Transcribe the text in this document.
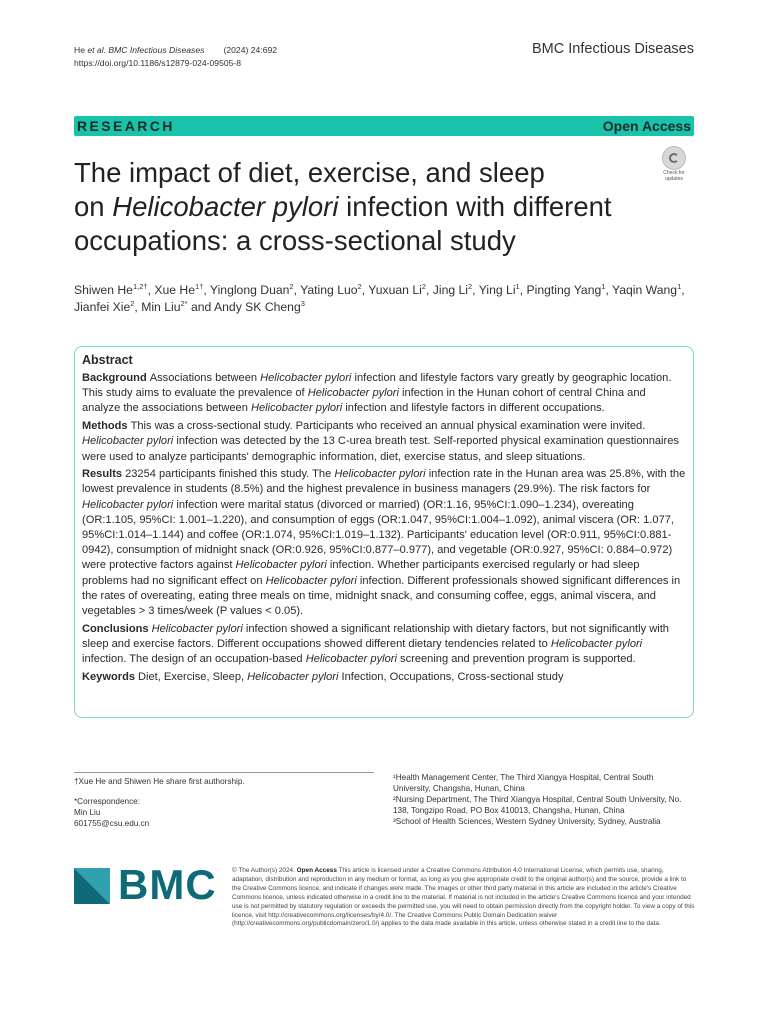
He et al. BMC Infectious Diseases (2024) 24:692
https://doi.org/10.1186/s12879-024-09505-8
BMC Infectious Diseases
RESEARCH	Open Access
Check for
updates
The impact of diet, exercise, and sleep
on Helicobacter pylori infection with different
occupations: a cross-sectional study
Shiwen $He^{1,2\dagger}$, Xue $He^{1\dagger}$, Yinglong Duan$^2$, Yating Luo$^2$, Yuxuan Li$^2$, Jing Li$^2$, Ying Li$^1$, Pingting Yang$^1$, Yaqin Wang$^1$, Jianfei Xie$^2$, Min Liu$^{2*}$ and Andy SK Cheng$^3$
Abstract

Background Associations between Helicobacter pylori infection and lifestyle factors vary greatly by geographic location. This study aims to evaluate the prevalence of Helicobacter pylori infection in the Hunan cohort of central China and analyze the associations between Helicobacter pylori infection and lifestyle factors in different occupations.

Methods This was a cross-sectional study. Participants who received an annual physical examination were invited. Helicobacter pylori infection was detected by the 13 C-urea breath test. Self-reported physical examination questionnaires were used to analyze participants' demographic information, diet, exercise status, and sleep situations.

Results 23254 participants finished this study. The Helicobacter pylori infection rate in the Hunan area was 25.8%, with the lowest prevalence in students (8.5%) and the highest prevalence in business managers (29.9%). The risk factors for Helicobacter pylori infection were marital status (divorced or married) (OR:1.16, 95%CI:1.090–1.234), overeating (OR:1.105, 95%CI: 1.001–1.220), and consumption of eggs (OR:1.047, 95%CI:1.004–1.092), animal viscera (OR: 1.077, 95%CI:1.014–1.144) and coffee (OR:1.074, 95%CI:1.019–1.132). Participants' education level (OR:0.911, 95%CI:0.881-0942), consumption of midnight snack (OR:0.926, 95%CI:0.877–0.977), and vegetable (OR:0.927, 95%CI: 0.884–0.972) were protective factors against Helicobacter pylori infection. Whether participants exercised regularly or had sleep problems had no significant effect on Helicobacter pylori infection. Different professionals showed significant differences in the rates of overeating, eating three meals on time, midnight snack, and consuming coffee, eggs, animal viscera, and vegetables > 3 times/week (P values < 0.05).

Conclusions Helicobacter pylori infection showed a significant relationship with dietary factors, but not significantly with sleep and exercise factors. Different occupations showed different dietary tendencies related to Helicobacter pylori infection. The design of an occupation-based Helicobacter pylori screening and prevention program is supported.

Keywords Diet, Exercise, Sleep, Helicobacter pylori Infection, Occupations, Cross-sectional study

†Xue He and Shiwen He share first authorship.
*Correspondence:
Min Liu
601755@csu.edu.cn

¹Health Management Center, The Third Xiangya Hospital, Central South University, Changsha, Hunan, China

²Nursing Department, The Third Xiangya Hospital, Central South University, No. 138, Tongzipo Road, PO Box 410013, Changsha, Hunan, China

³School of Health Sciences, Western Sydney University, Sydney, Australia

BMC © The Author(s) 2024. Open Access This article is licensed under a Creative Commons Attribution 4.0 International License, which permits use, sharing, adaptation, distribution and reproduction in any medium or format, as long as you give appropriate credit to the original author(s) and the source, provide a link to the Creative Commons licence, and indicate if changes were made. The images or other third party material in this article are included in the article's Creative Commons licence, unless indicated otherwise in a credit line to the material. If material is not included in the article's Creative Commons licence and your intended use is not permitted by statutory regulation or exceeds the permitted use, you will need to obtain permission directly from the copyright holder. To view a copy of this licence, visit http://creativecommons.org/licenses/by/4.0/. The Creative Commons Public Domain Dedication waiver (http://creativecommons.org/publicdomain/zero/1.0/) applies to the data made available in this article, unless otherwise stated in a credit line to the data.
